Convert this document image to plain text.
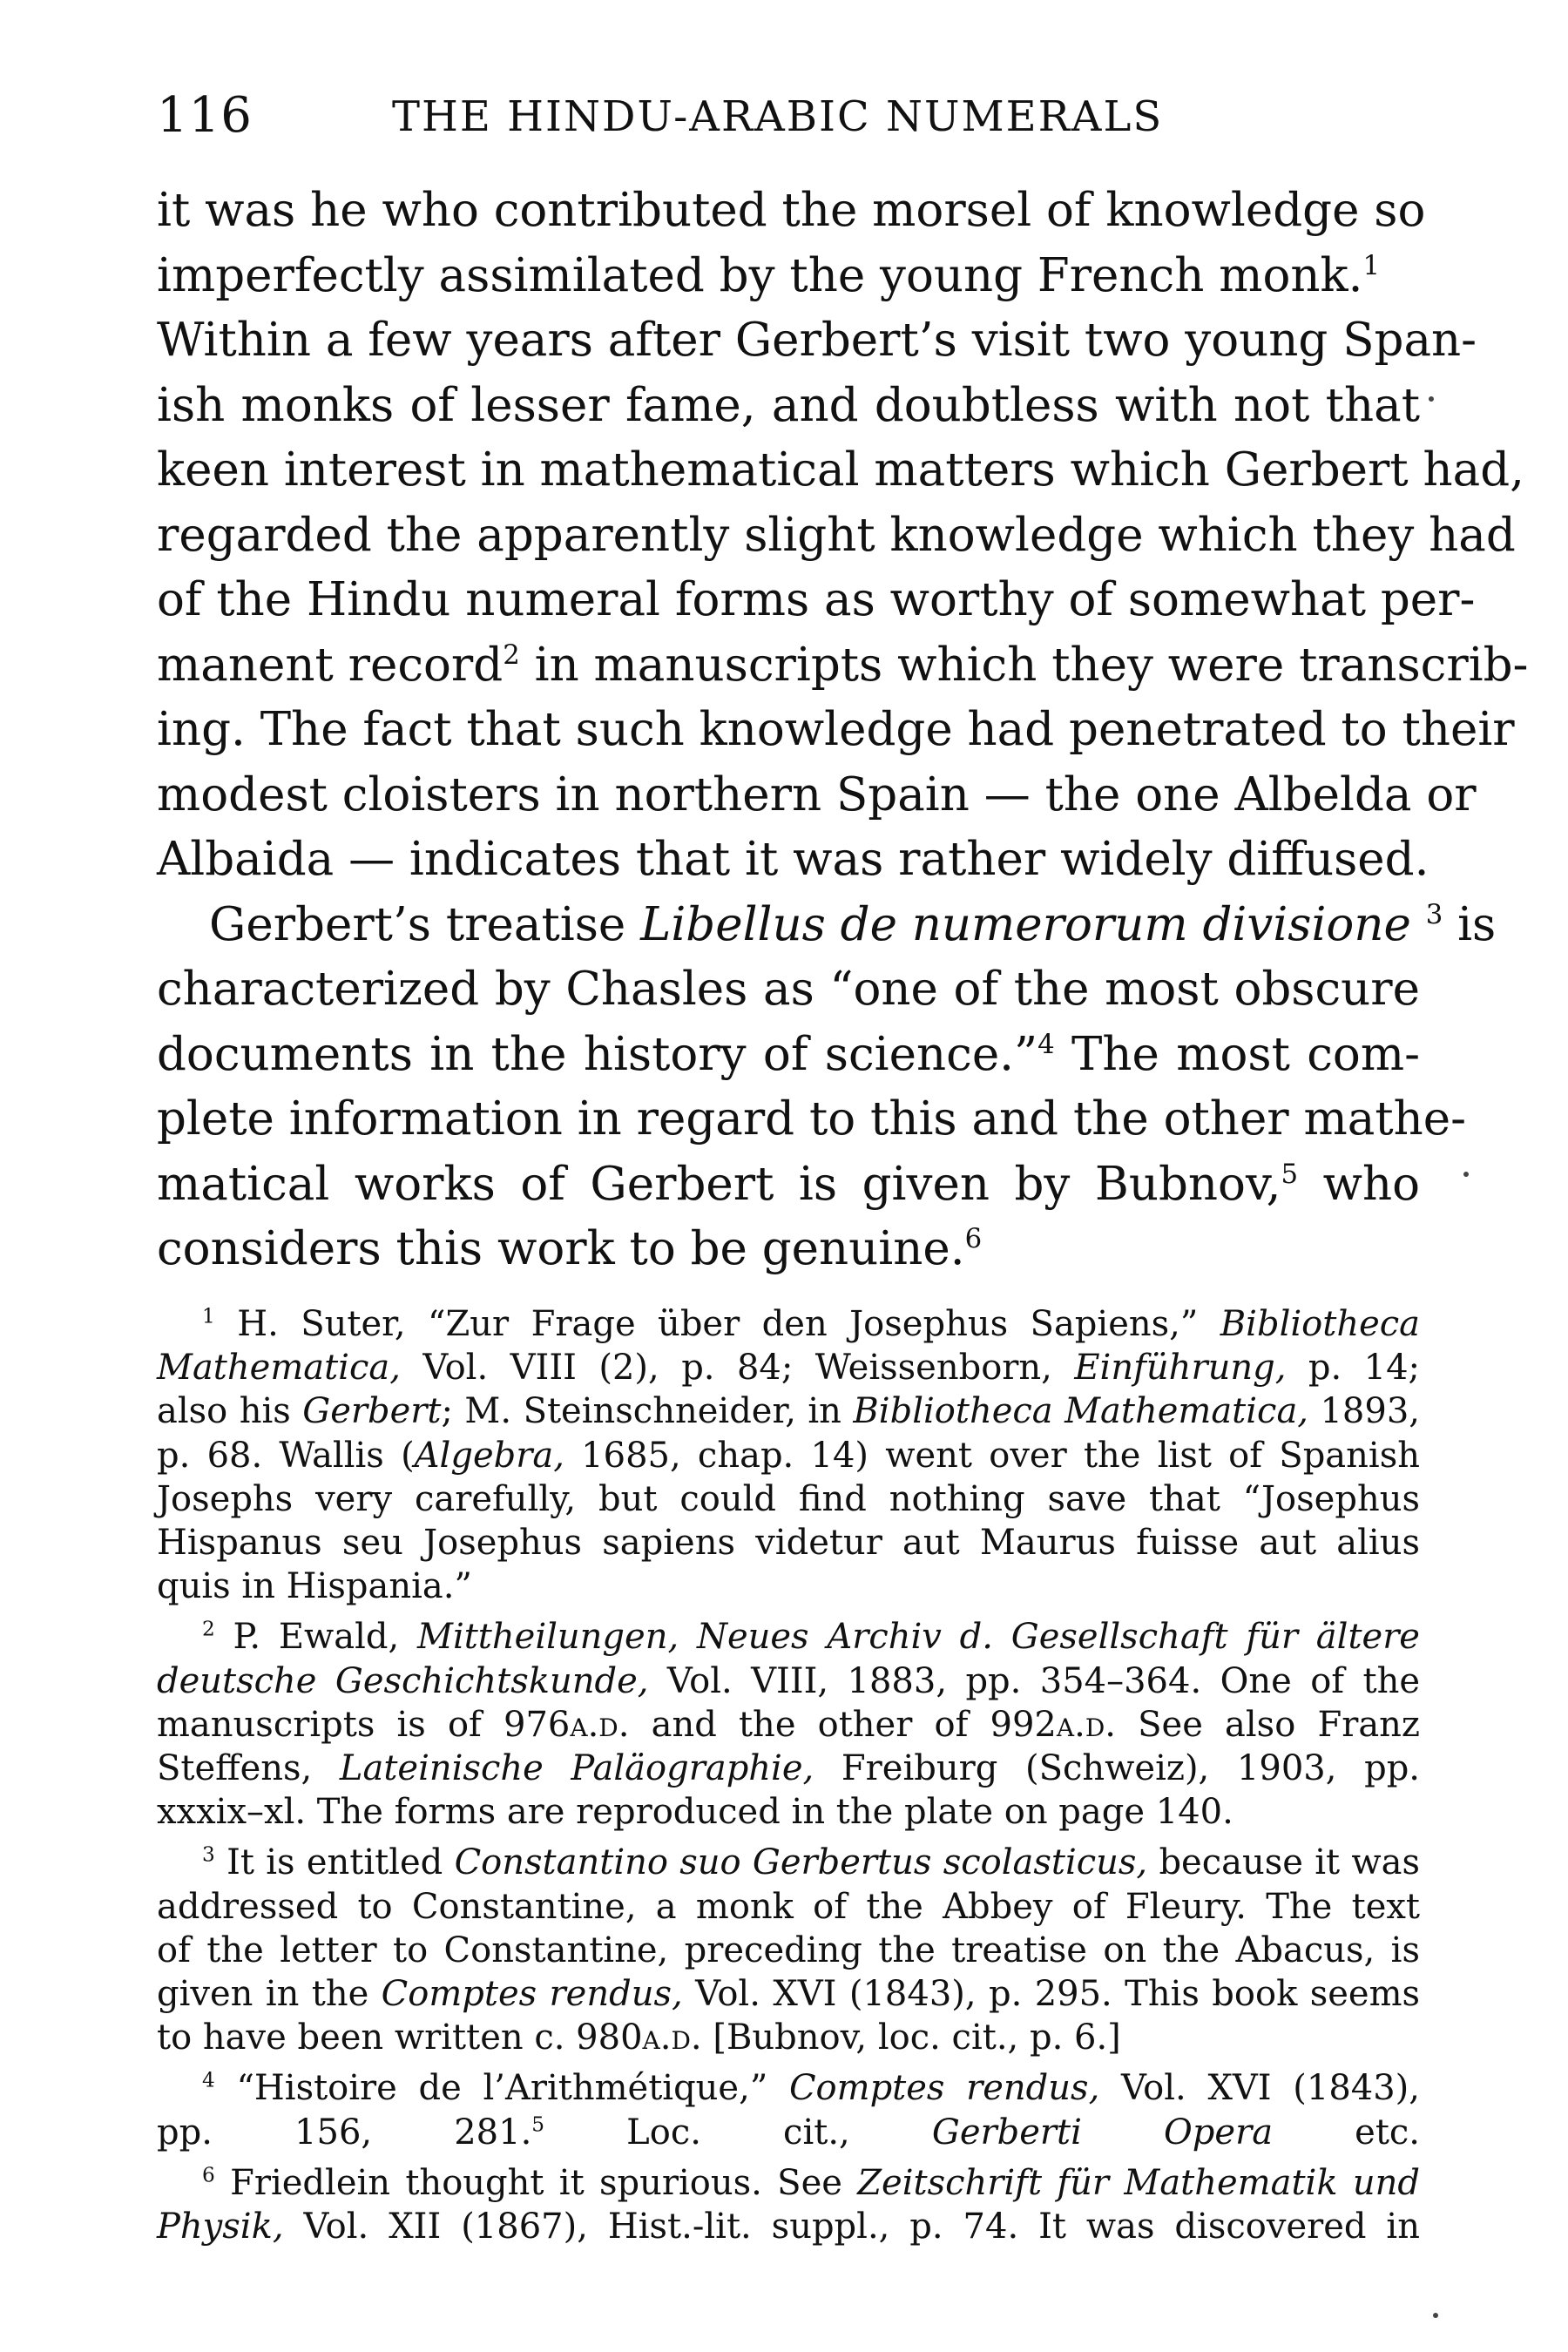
116	THE HINDU-ARABIC NUMERALS
it was he who contributed the morsel of knowledge so
imperfectly assimilated by the young French monk.$^1$
Within a few years after Gerbert’s visit two young Span-
ish monks of lesser fame, and doubtless with not that
keen interest in mathematical matters which Gerbert had,
regarded the apparently slight knowledge which they had
of the Hindu numeral forms as worthy of somewhat per-
manent record$^2$ in manuscripts which they were transcrib-
ing. The fact that such knowledge had penetrated to their
modest cloisters in northern Spain — the one Albelda or
Albaida — indicates that it was rather widely diffused.
Gerbert’s treatise Libellus de numerorum divisione $^3$ is
characterized by Chasles as “one of the most obscure
documents in the history of science.”$^4$ The most com-
plete information in regard to this and the other mathe-
matical works of Gerbert is given by Bubnov,$^5$ who
considers this work to be genuine.$^6$
$^1$ H. Suter, “Zur Frage über den Josephus Sapiens,” Bibliotheca
Mathematica, Vol. VIII (2), p. 84; Weissenborn, Einführung, p. 14;
also his Gerbert; M. Steinschneider, in Bibliotheca Mathematica, 1893,
p. 68. Wallis (Algebra, 1685, chap. 14) went over the list of Spanish
Josephs very carefully, but could find nothing save that “Josephus
Hispanus seu Josephus sapiens videtur aut Maurus fuisse aut alius
quis in Hispania.”
$^2$ P. Ewald, Mittheilungen, Neues Archiv d. Gesellschaft für ältere
deutsche Geschichtskunde, Vol. VIII, 1883, pp. 354–364. One of the
manuscripts is of 976a.d. and the other of 992a.d. See also Franz
Steffens, Lateinische Paläographie, Freiburg (Schweiz), 1903, pp.
xxxix–xl. The forms are reproduced in the plate on page 140.
$^3$ It is entitled Constantino suo Gerbertus scolasticus, because it was
addressed to Constantine, a monk of the Abbey of Fleury. The text
of the letter to Constantine, preceding the treatise on the Abacus, is
given in the Comptes rendus, Vol. XVI (1843), p. 295. This book seems
to have been written c. 980a.d. [Bubnov, loc. cit., p. 6.]
$^4$ “Histoire de l’Arithmétique,” Comptes rendus, Vol. XVI (1843),
pp. 156, 281.$^5$ Loc. cit., Gerberti Opera etc.
$^6$ Friedlein thought it spurious. See Zeitschrift für Mathematik und
Physik, Vol. XII (1867), Hist.-lit. suppl., p. 74. It was discovered in
